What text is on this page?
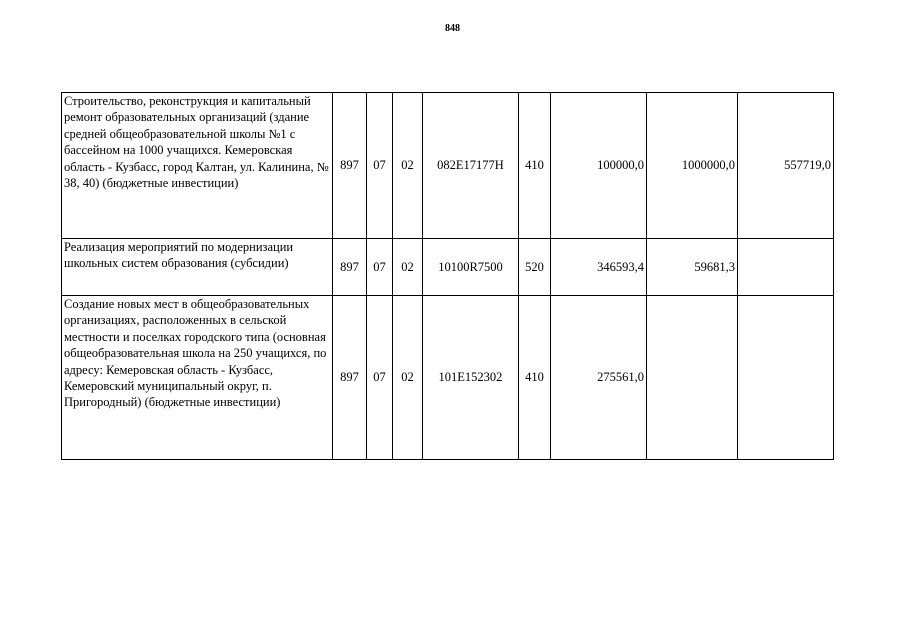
848
Строительство, реконструкция и капитальный ремонт образовательных организаций (здание средней общеобразовательной школы №1 с бассейном на 1000 учащихся. Кемеровская область - Кузбасс, город Калтан, ул. Калинина, № 38, 40) (бюджетные инвестиции)	897	07	02	082E17177Н	410	100000,0	1000000,0	557719,0
Реализация мероприятий по модернизации школьных систем образования (субсидии)	897	07	02	10100R7500	520	346593,4	59681,3	
Создание новых мест в общеобразовательных организациях, расположенных в сельской местности и поселках городского типа (основная общеобразовательная школа на 250 учащихся, по адресу: Кемеровская область - Кузбасс, Кемеровский муниципальный округ, п. Пригородный) (бюджетные инвестиции)	897	07	02	101E152302	410	275561,0		
